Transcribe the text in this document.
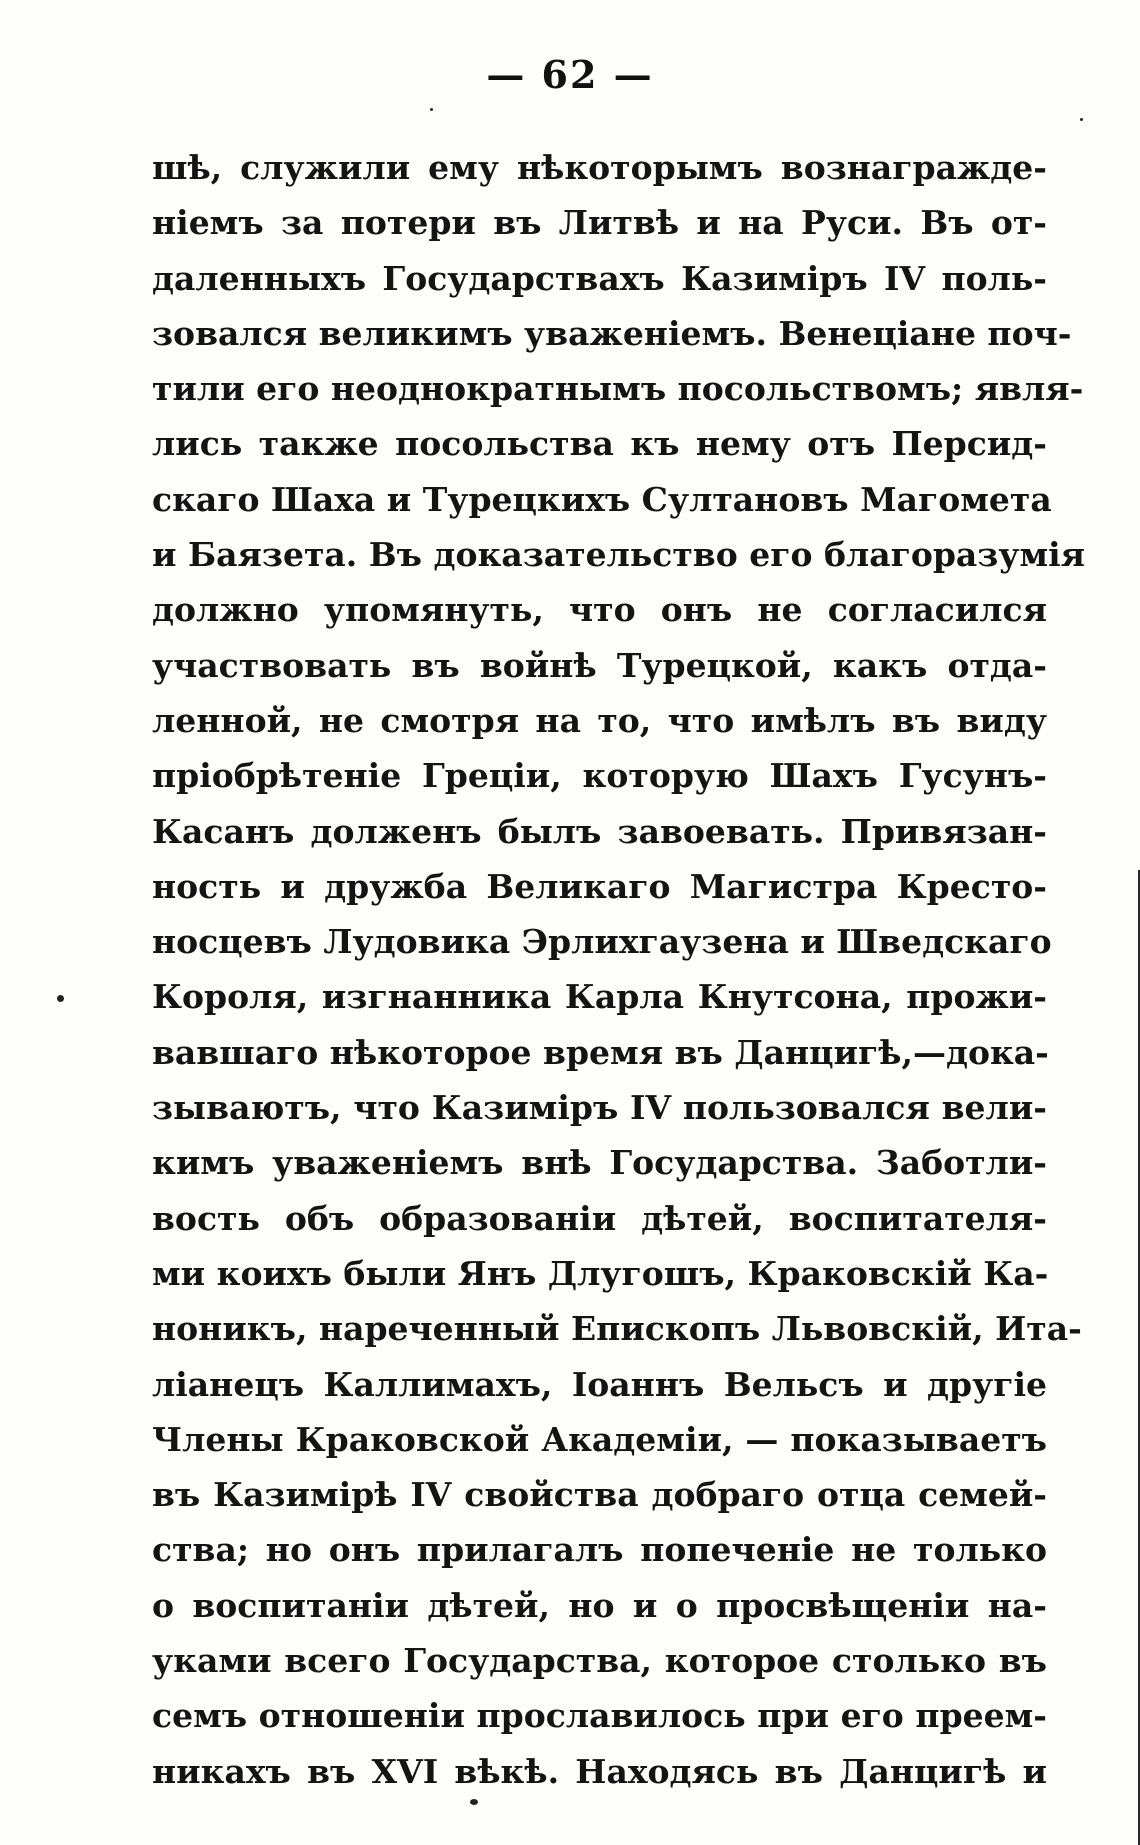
— 62 —
шѣ, служили ему нѣкоторымъ вознагражде-
ніемъ за потери въ Литвѣ и на Руси. Въ от-
даленныхъ Государствахъ Казиміръ IV поль-
зовался великимъ уваженіемъ. Венеціане поч-
тили его неоднократнымъ посольствомъ; явля-
лись также посольства къ нему отъ Персид-
скаго Шаха и Турецкихъ Султановъ Магомета
и Баязета. Въ доказательство его благоразумія
должно упомянуть, что онъ не согласился
участвовать въ войнѣ Турецкой, какъ отда-
ленной, не смотря на то, что имѣлъ въ виду
пріобрѣтеніе Греціи, которую Шахъ Гусунъ-
Касанъ долженъ былъ завоевать. Привязан-
ность и дружба Великаго Магистра Кресто-
носцевъ Лудовика Эрлихгаузена и Шведскаго
Короля, изгнанника Карла Кнутсона, прожи-
вавшаго нѣкоторое время въ Данцигѣ,—дока-
зываютъ, что Казиміръ IV пользовался вели-
кимъ уваженіемъ внѣ Государства. Заботли-
вость объ образованіи дѣтей, воспитателя-
ми коихъ были Янъ Длугошъ, Краковскій Ка-
нoникъ, нареченный Епископъ Львовскій, Ита-
ліанецъ Каллимахъ, Іоаннъ Вельсъ и другіе
Члены Краковской Академіи, — показываетъ
въ Казимірѣ IV свойства добраго отца семей-
ства; но онъ прилагалъ попеченіе не только
о воспитаніи дѣтей, но и о просвѣщеніи на-
уками всего Государства, которое столько въ
семъ отношеніи прославилось при его преем-
никахъ въ XVI вѣкѣ. Находясь въ Данцигѣ и
